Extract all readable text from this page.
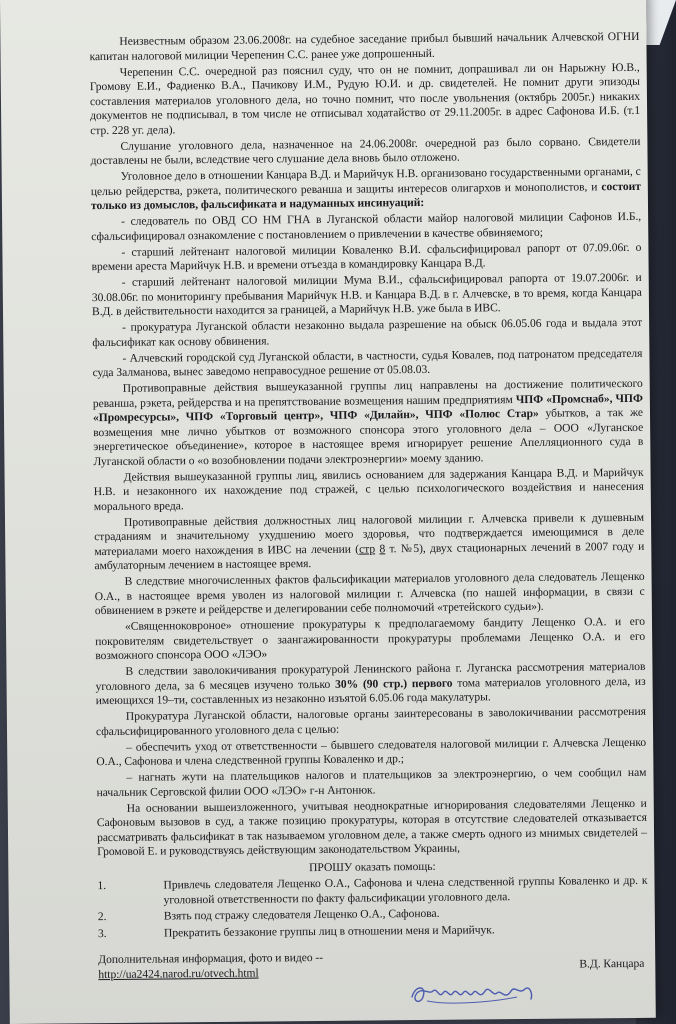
Неизвестным образом 23.06.2008г. на судебное заседание прибыл бывший начальник Алчевской ОГНИ капитан налоговой милиции Черепенин С.С. ранее уже допрошенный.

Черепенин С.С. очередной раз пояснил суду, что он не помнит, допрашивал ли он Нарыжну Ю.В., Громову Е.И., Фадиенко В.А., Пачикову И.М., Рудую Ю.И. и др. свидетелей. Не помнит други эпизоды составления материалов уголовного дела, но точно помнит, что после увольнения (октябрь 2005г.) никаких документов не подписывал, в том числе не отписывал ходатайство от 29.11.2005г. в адрес Сафонова И.Б. (т.1 стр. 228 уг. дела).

Слушание уголовного дела, назначенное на 24.06.2008г. очередной раз было сорвано. Свидетели доставлены не были, вследствие чего слушание дела вновь было отложено.

Уголовное дело в отношении Канцара В.Д. и Марийчук Н.В. организовано государственными органами, с целью рейдерства, рэкета, политического реванша и защиты интересов олигархов и монополистов, и состоит только из домыслов, фальсификата и надуманных инсинуаций:

- следователь по ОВД СО НМ ГНА в Луганской области майор налоговой милиции Сафонов И.Б., сфальсифицировал ознакомление с постановлением о привлечении в качестве обвиняемого;

- старший лейтенант налоговой милиции Коваленко В.И. сфальсифицировал рапорт от 07.09.06г. о времени ареста Марийчук Н.В. и времени отъезда в командировку Канцара В.Д.

- старший лейтенант налоговой милиции Мума В.И., сфальсифицировал рапорта от 19.07.2006г. и 30.08.06г. по мониторингу пребывания Марийчук Н.В. и Канцара В.Д. в г. Алчевске, в то время, когда Канцара В.Д. в действительности находится за границей, а Марийчук Н.В. уже была в ИВС.

- прокуратура Луганской области незаконно выдала разрешение на обыск 06.05.06 года и выдала этот фальсификат как основу обвинения.

- Алчевский городской суд Луганской области, в частности, судья Ковалев, под патронатом председателя суда Залманова, вынес заведомо неправосудное решение от 05.08.03.

Противоправные действия вышеуказанной группы лиц направлены на достижение политического реванша, рэкета, рейдерства и на препятствование возмещения нашим предприятиям ЧПФ «Промснаб», ЧПФ «Промресурсы», ЧПФ «Торговый центр», ЧПФ «Дилайн», ЧПФ «Полюс Стар» убытков, а так же возмещения мне лично убытков от возможного спонсора этого уголовного дела – ООО «Луганское энергетическое объединение», которое в настоящее время игнорирует решение Апелляционного суда в Луганской области о «о возобновлении подачи электроэнергии» моему зданию.

Действия вышеуказанной группы лиц, явились основанием для задержания Канцара В.Д. и Марийчук Н.В. и незаконного их нахождение под стражей, с целью психологического воздействия и нанесения морального вреда.

Противоправные действия должностных лиц налоговой милиции г. Алчевска привели к душевным страданиям и значительному ухудшению моего здоровья, что подтверждается имеющимися в деле материалами моего нахождения в ИВС на лечении (стр 8 т. №5), двух стационарных лечений в 2007 году и амбулаторным лечением в настоящее время.

В следствие многочисленных фактов фальсификации материалов уголовного дела следователь Лещенко О.А., в настоящее время уволен из налоговой милиции г. Алчевска (по нашей информации, в связи с обвинением в рэкете и рейдерстве и делегировании себе полномочий «третейского судьи»).

«Священноковроное» отношение прокуратуры к предполагаемому бандиту Лещенко О.А. и его покровителям свидетельствует о заангажированности прокуратуры проблемами Лещенко О.А. и его возможного спонсора ООО «ЛЭО»

В следствии заволокичивания прокуратурой Ленинского района г. Луганска рассмотрения материалов уголовного дела, за 6 месяцев изучено только 30% (90 стр.) первого тома материалов уголовного дела, из имеющихся 19–ти, составленных из незаконно изъятой 6.05.06 года макулатуры.

Прокуратура Луганской области, налоговые органы заинтересованы в заволокичивании рассмотрения сфальсифицированного уголовного дела с целью:

– обеспечить уход от ответственности – бывшего следователя налоговой милиции г. Алчевска Лещенко О.А., Сафонова и члена следственной группы Коваленко и др.;

– нагнать жути на плательщиков налогов и плательщиков за электроэнергию, о чем сообщил нам начальник Серговской филии ООО «ЛЭО» г-н Антонюк.

На основании вышеизложенного, учитывая неоднократные игнорирования следователями Лещенко и Сафоновым вызовов в суд, а также позицию прокуратуры, которая в отсутствие следователей отказывается рассматривать фальсификат в так называемом уголовном деле, а также смерть одного из мнимых свидетелей – Громовой Е. и руководствуясь действующим законодательством Украины,

ПРОШУ оказать помощь:
1.	Привлечь следователя Лещенко О.А., Сафонова и члена следственной группы Коваленко и др. к уголовной ответственности по факту фальсификации уголовного дела.
2.	Взять под стражу следователя Лещенко О.А., Сафонова.
3.	Прекратить беззаконие группы лиц в отношении меня и Марийчук.
Дополнительная информация, фото и видео --
http://ua2424.narod.ru/otvech.html
В.Д. Канцара
